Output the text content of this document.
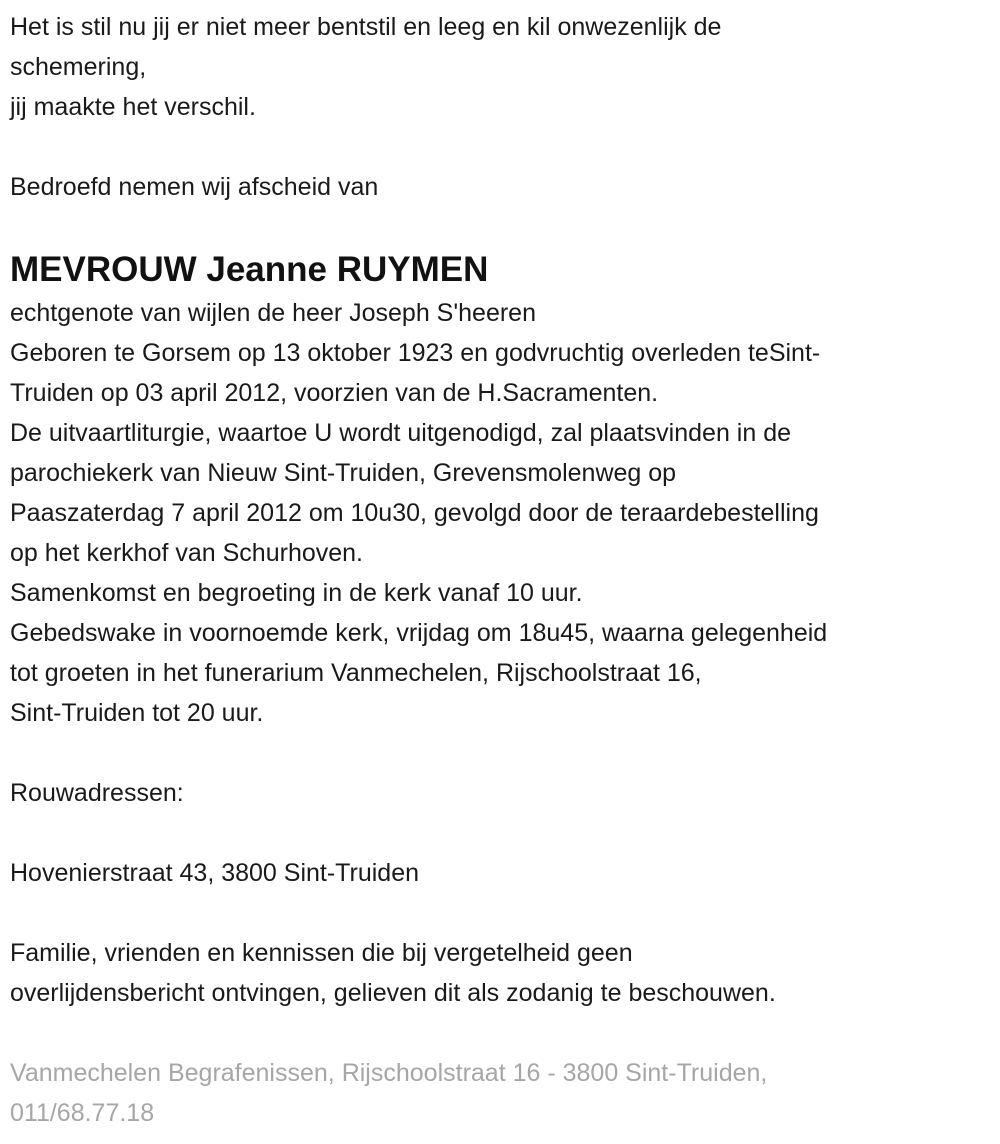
Het is stil nu jij er niet meer bentstil en leeg en kil onwezenlijk de
schemering,
jij maakte het verschil.
Bedroefd nemen wij afscheid van
MEVROUW Jeanne RUYMEN
echtgenote van wijlen de heer Joseph S'heeren
Geboren te Gorsem op 13 oktober 1923 en godvruchtig overleden teSint-
Truiden op 03 april 2012, voorzien van de H.Sacramenten.
De uitvaartliturgie, waartoe U wordt uitgenodigd, zal plaatsvinden in de
parochiekerk van Nieuw Sint-Truiden, Grevensmolenweg op
Paaszaterdag 7 april 2012 om 10u30, gevolgd door de teraardebestelling
op het kerkhof van Schurhoven.
Samenkomst en begroeting in de kerk vanaf 10 uur.
Gebedswake in voornoemde kerk, vrijdag om 18u45, waarna gelegenheid
tot groeten in het funerarium Vanmechelen, Rijschoolstraat 16,
Sint-Truiden tot 20 uur.
Rouwadressen:
Hovenierstraat 43, 3800 Sint-Truiden
Familie, vrienden en kennissen die bij vergetelheid geen
overlijdensbericht ontvingen, gelieven dit als zodanig te beschouwen.
Vanmechelen Begrafenissen, Rijschoolstraat 16 - 3800 Sint-Truiden,
011/68.77.18
